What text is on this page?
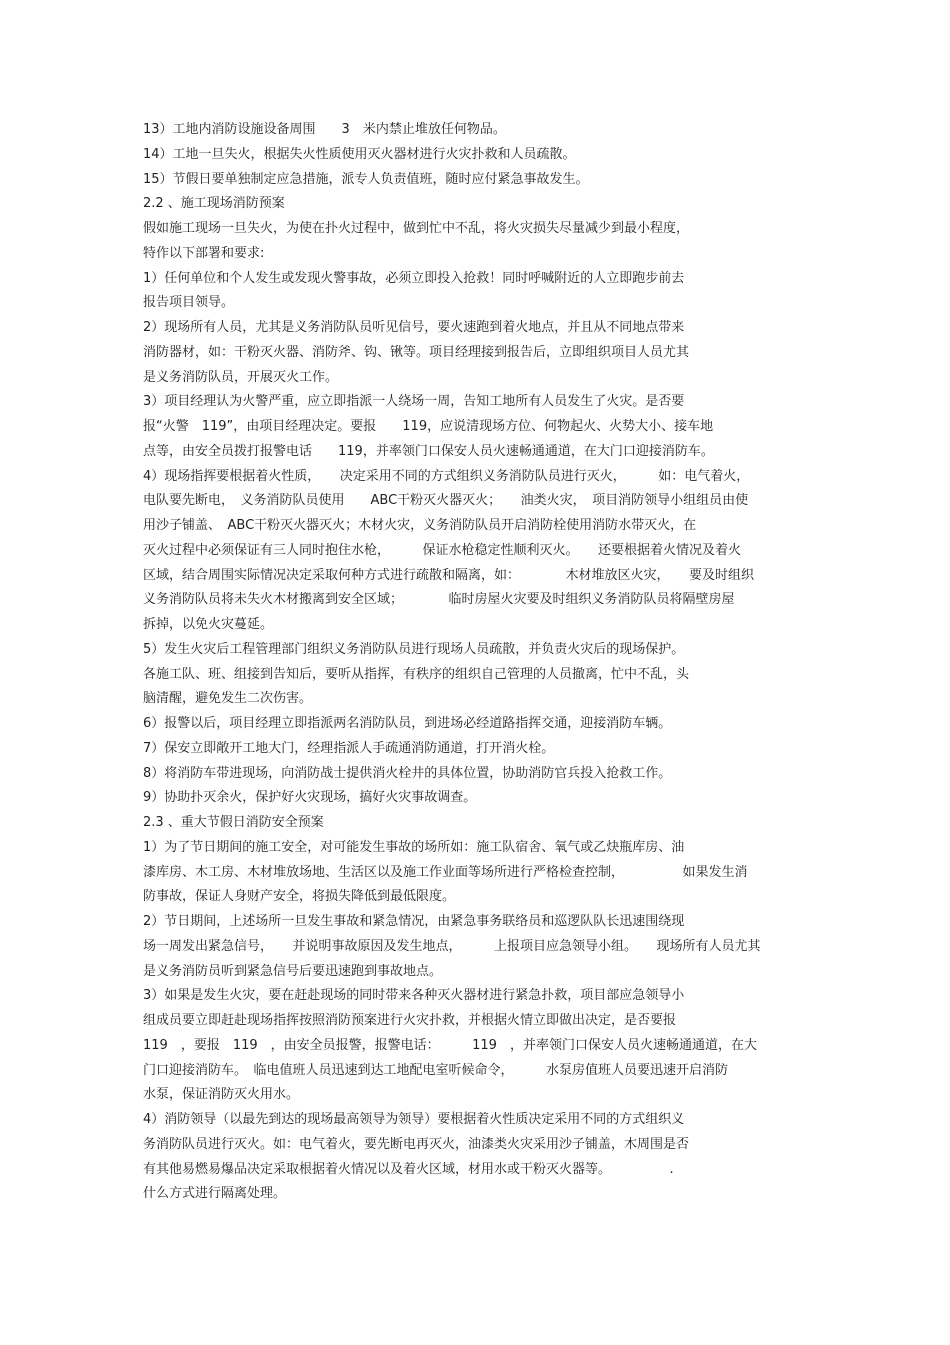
13）工地内消防设施设备周围　　3　米内禁止堆放任何物品。
14）工地一旦失火，根据失火性质使用灭火器材进行火灾扑救和人员疏散。
15）节假日要单独制定应急措施，派专人负责值班，随时应付紧急事故发生。
2.2 、施工现场消防预案
假如施工现场一旦失火，为使在扑火过程中，做到忙中不乱，将火灾损失尽量减少到最小程度，
特作以下部署和要求:
1）任何单位和个人发生或发现火警事故，必须立即投入抢救！同时呼喊附近的人立即跑步前去
报告项目领导。
2）现场所有人员，尤其是义务消防队员听见信号，要火速跑到着火地点，并且从不同地点带来
消防器材，如：干粉灭火器、消防斧、钩、锹等。项目经理接到报告后，立即组织项目人员尤其
是义务消防队员，开展灭火工作。
3）项目经理认为火警严重，应立即指派一人绕场一周，告知工地所有人员发生了火灾。是否要
报“火警　119”，由项目经理决定。要报　　119，应说清现场方位、何物起火、火势大小、接车地
点等，由安全员拨打报警电话　　119，并率领门口保安人员火速畅通通道，在大门口迎接消防车。
4）现场指挥要根据着火性质，　　决定采用不同的方式组织义务消防队员进行灭火，　　　如：电气着火，
电队要先断电，　义务消防队员使用　　ABC干粉灭火器灭火；　　油类火灾，　项目消防领导小组组员由使
用沙子铺盖、　ABC干粉灭火器灭火；木材火灾，义务消防队员开启消防栓使用消防水带灭火，在
灭火过程中必须保证有三人同时抱住水枪，　　　保证水枪稳定性顺利灭火。　　还要根据着火情况及着火
区域，结合周围实际情况决定采取何种方式进行疏散和隔离，如：　　　　木材堆放区火灾，　　要及时组织
义务消防队员将未失火木材搬离到安全区域；　　　　临时房屋火灾要及时组织义务消防队员将隔壁房屋
拆掉，以免火灾蔓延。
5）发生火灾后工程管理部门组织义务消防队员进行现场人员疏散，并负责火灾后的现场保护。
各施工队、班、组接到告知后，要听从指挥，有秩序的组织自己管理的人员撤离，忙中不乱，头
脑清醒，避免发生二次伤害。
6）报警以后，项目经理立即指派两名消防队员，到进场必经道路指挥交通，迎接消防车辆。
7）保安立即敞开工地大门，经理指派人手疏通消防通道，打开消火栓。
8）将消防车带进现场，向消防战士提供消火栓井的具体位置，协助消防官兵投入抢救工作。
9）协助扑灭余火，保护好火灾现场，搞好火灾事故调查。
2.3 、重大节假日消防安全预案
1）为了节日期间的施工安全，对可能发生事故的场所如：施工队宿舍、氧气或乙炔瓶库房、油
漆库房、木工房、木材堆放场地、生活区以及施工作业面等场所进行严格检查控制，　　　　　如果发生消
防事故，保证人身财产安全，将损失降低到最低限度。
2）节日期间，上述场所一旦发生事故和紧急情况，由紧急事务联络员和巡逻队队长迅速围绕现
场一周发出紧急信号，　　并说明事故原因及发生地点，　　　上报项目应急领导小组。　　现场所有人员尤其
是义务消防员听到紧急信号后要迅速跑到事故地点。
3）如果是发生火灾，要在赶赴现场的同时带来各种灭火器材进行紧急扑救，项目部应急领导小
组成员要立即赶赴现场指挥按照消防预案进行火灾扑救，并根据火情立即做出决定，是否要报
119　，要报　119　，由安全员报警，报警电话：　　　119　，并率领门口保安人员火速畅通通道，在大
门口迎接消防车。　临电值班人员迅速到达工地配电室听候命令，　　　水泵房值班人员要迅速开启消防
水泵，保证消防灭火用水。
4）消防领导（以最先到达的现场最高领导为领导）要根据着火性质决定采用不同的方式组织义
务消防队员进行灭火。如：电气着火，要先断电再灭火，油漆类火灾采用沙子铺盖，木周围是否
有其他易燃易爆品决定采取根据着火情况以及着火区域，材用水或干粉灭火器等。　　　　　.
什么方式进行隔离处理。
